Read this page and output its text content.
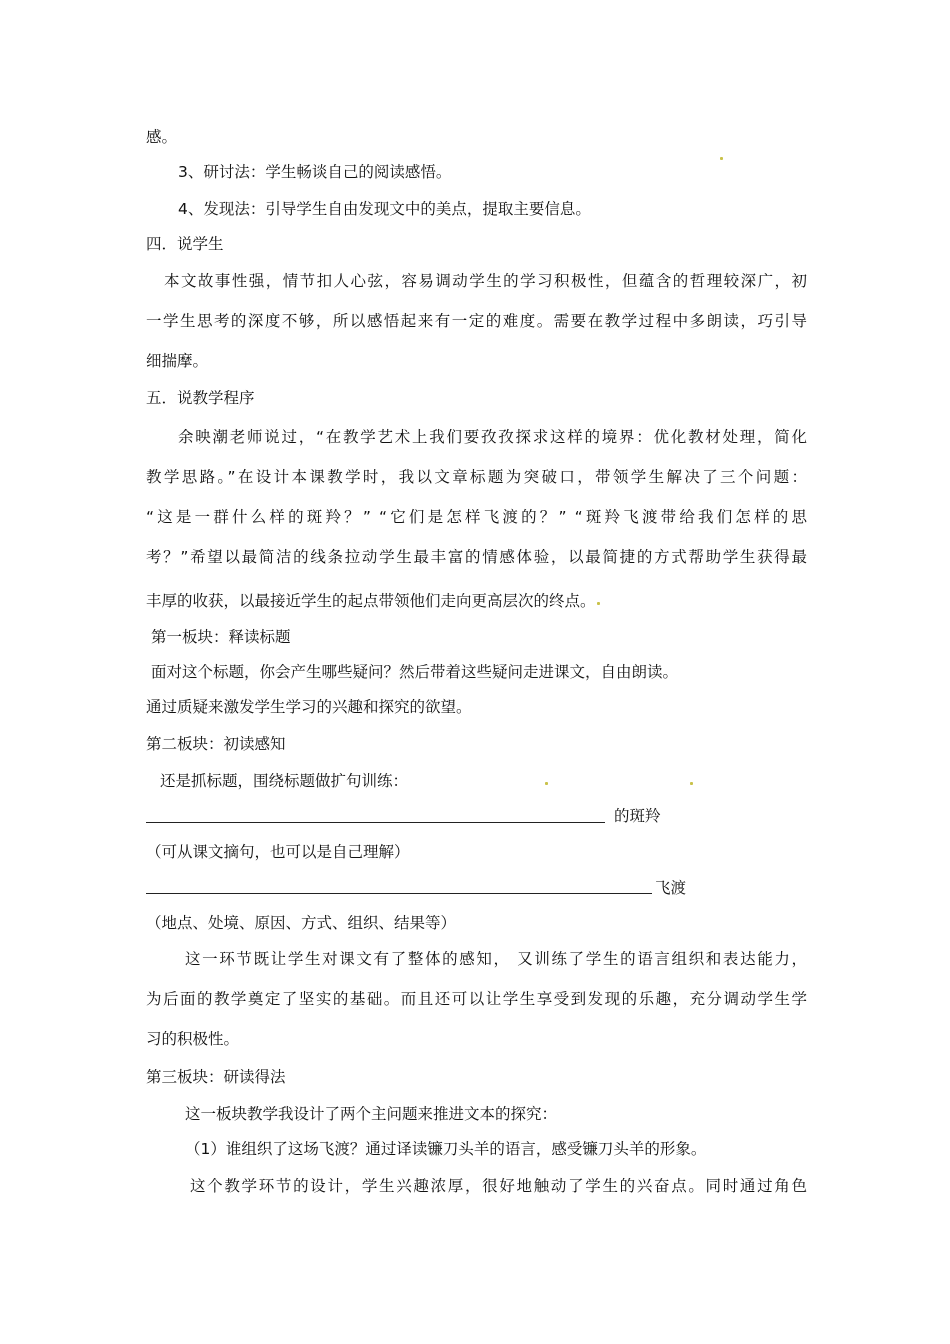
感。

3、研讨法：学生畅谈自己的阅读感悟。

4、发现法：引导学生自由发现文中的美点，提取主要信息。

四．说学生

本文故事性强，情节扣人心弦，容易调动学生的学习积极性，但蕴含的哲理较深广，初

一学生思考的深度不够，所以感悟起来有一定的难度。需要在教学过程中多朗读，巧引导

细揣摩。

五．说教学程序

余映潮老师说过，“在教学艺术上我们要孜孜探求这样的境界：优化教材处理，简化

教学思路。”在设计本课教学时，我以文章标题为突破口，带领学生解决了三个问题：

“这是一群什么样的斑羚？” “它们是怎样飞渡的？” “斑羚飞渡带给我们怎样的思

考？”希望以最简洁的线条拉动学生最丰富的情感体验，以最简捷的方式帮助学生获得最

丰厚的收获，以最接近学生的起点带领他们走向更高层次的终点。

第一板块：释读标题

面对这个标题，你会产生哪些疑问？然后带着这些疑问走进课文，自由朗读。

通过质疑来激发学生学习的兴趣和探究的欲望。

第二板块：初读感知

还是抓标题，围绕标题做扩句训练：

的斑羚

（可从课文摘句，也可以是自己理解）

飞渡

（地点、处境、原因、方式、组织、结果等）

这一环节既让学生对课文有了整体的感知， 又训练了学生的语言组织和表达能力，

为后面的教学奠定了坚实的基础。而且还可以让学生享受到发现的乐趣，充分调动学生学

习的积极性。

第三板块：研读得法

这一板块教学我设计了两个主问题来推进文本的探究：

（1）谁组织了这场飞渡？通过译读镰刀头羊的语言，感受镰刀头羊的形象。

这个教学环节的设计，学生兴趣浓厚，很好地触动了学生的兴奋点。同时通过角色
